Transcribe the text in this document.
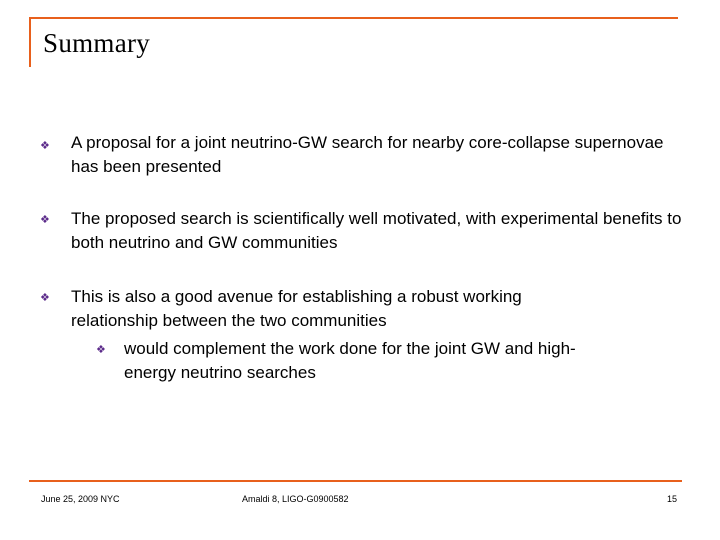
Summary
❖ A proposal for a joint neutrino-GW search for nearby core-collapse supernovae has been presented
❖ The proposed search is scientifically well motivated, with experimental benefits to both neutrino and GW communities
❖ This is also a good avenue for establishing a robust working relationship between the two communities
❖ would complement the work done for the joint GW and high-energy neutrino searches
June 25, 2009 NYC	Amaldi 8, LIGO-G0900582	15
